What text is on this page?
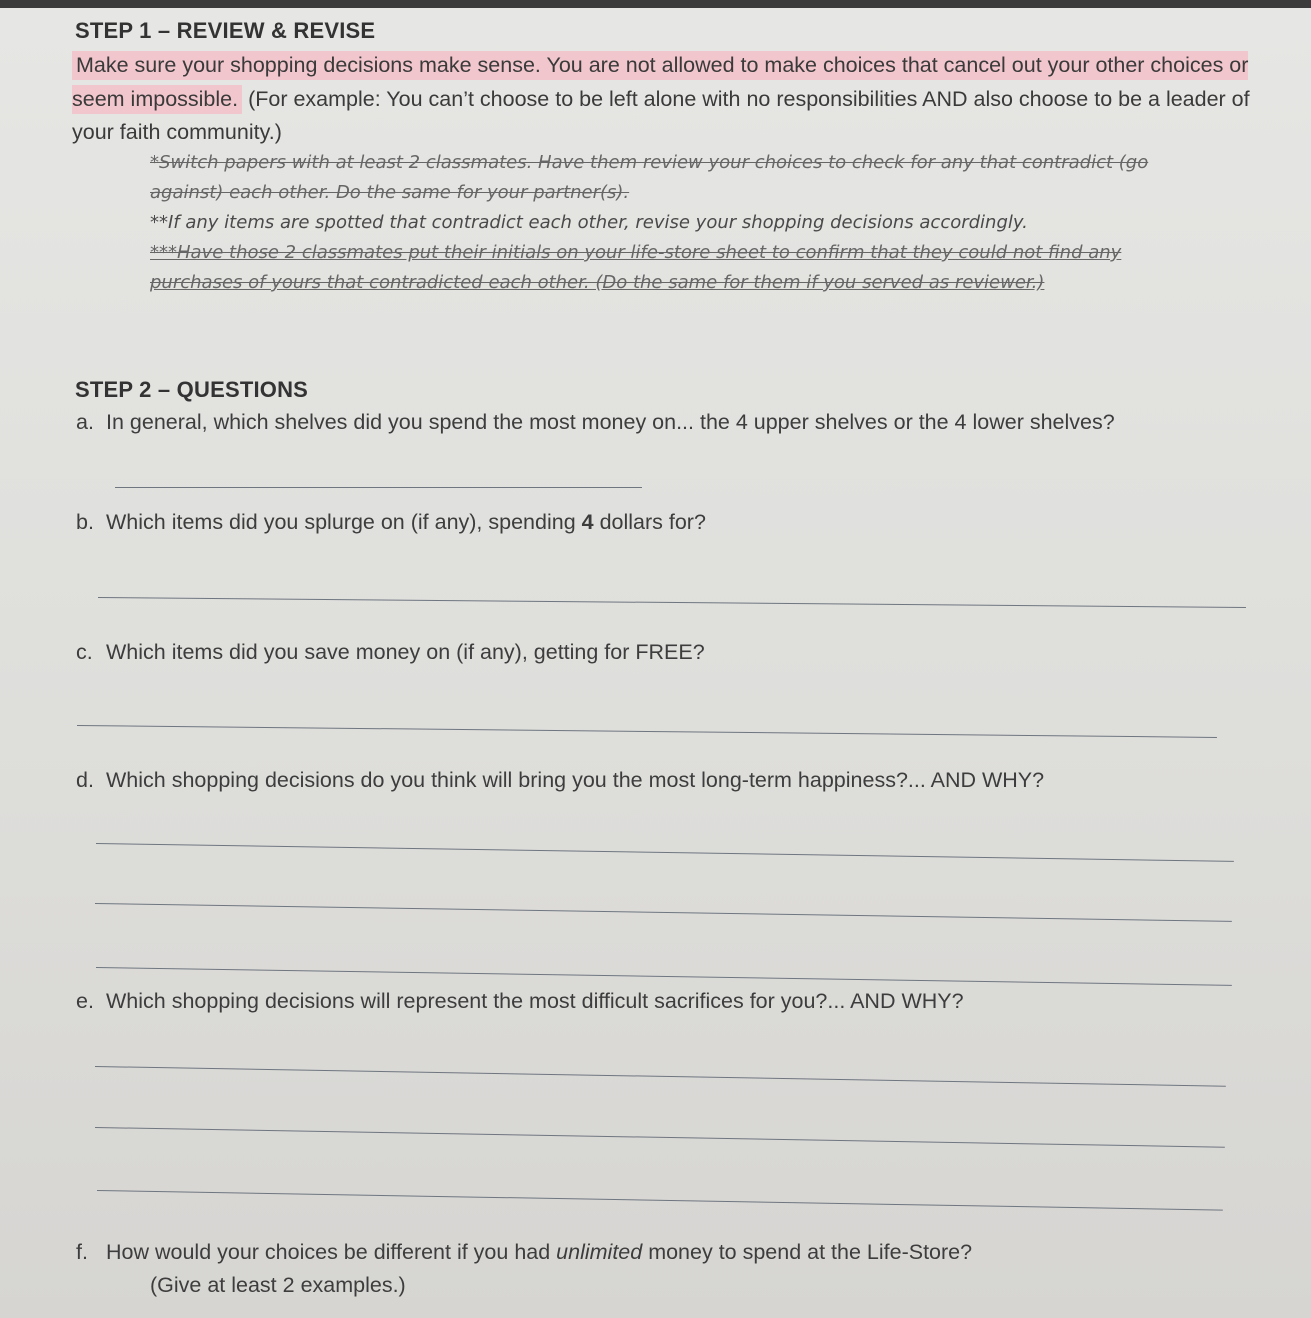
STEP 1 – REVIEW & REVISE
Make sure your shopping decisions make sense. You are not allowed to make choices that cancel out your other choices or seem impossible. (For example: You can’t choose to be left alone with no responsibilities AND also choose to be a leader of your faith community.)
*Switch papers with at least 2 classmates. Have them review your choices to check for any that contradict (go against) each other. Do the same for your partner(s).
**If any items are spotted that contradict each other, revise your shopping decisions accordingly.
***Have those 2 classmates put their initials on your life-store sheet to confirm that they could not find any purchases of yours that contradicted each other. (Do the same for them if you served as reviewer.)
STEP 2 – QUESTIONS
a. In general, which shelves did you spend the most money on... the 4 upper shelves or the 4 lower shelves?
b. Which items did you splurge on (if any), spending 4 dollars for?
c. Which items did you save money on (if any), getting for FREE?
d. Which shopping decisions do you think will bring you the most long-term happiness?... AND WHY?
e. Which shopping decisions will represent the most difficult sacrifices for you?... AND WHY?
f. How would your choices be different if you had unlimited money to spend at the Life-Store?
(Give at least 2 examples.)
